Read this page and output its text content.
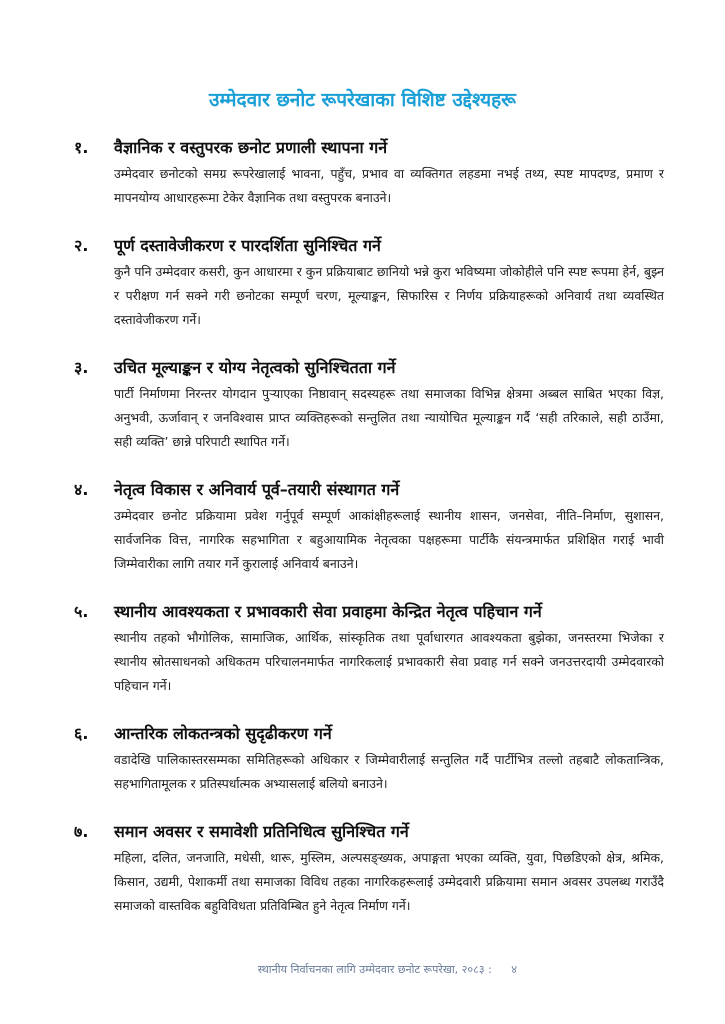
उम्मेदवार छनोट रूपरेखाका विशिष्ट उद्देश्यहरू
१.	वैज्ञानिक र वस्तुपरक छनोट प्रणाली स्थापना गर्ने

उम्मेदवार छनोटको समग्र रूपरेखालाई भावना, पहुँच, प्रभाव वा व्यक्तिगत लहडमा नभई तथ्य, स्पष्ट मापदण्ड, प्रमाण र मापनयोग्य आधारहरूमा टेकेर वैज्ञानिक तथा वस्तुपरक बनाउने।

२.	पूर्ण दस्तावेजीकरण र पारदर्शिता सुनिश्चित गर्ने

कुनै पनि उम्मेदवार कसरी, कुन आधारमा र कुन प्रक्रियाबाट छानियो भन्ने कुरा भविष्यमा जोकोहीले पनि स्पष्ट रूपमा हेर्न, बुझ्न र परीक्षण गर्न सक्ने गरी छनोटका सम्पूर्ण चरण, मूल्याङ्कन, सिफारिस र निर्णय प्रक्रियाहरूको अनिवार्य तथा व्यवस्थित दस्तावेजीकरण गर्ने।

३.	उचित मूल्याङ्कन र योग्य नेतृत्वको सुनिश्चितता गर्ने

पार्टी निर्माणमा निरन्तर योगदान पुर्‍याएका निष्ठावान् सदस्यहरू तथा समाजका विभिन्न क्षेत्रमा अब्बल साबित भएका विज्ञ, अनुभवी, ऊर्जावान् र जनविश्वास प्राप्त व्यक्तिहरूको सन्तुलित तथा न्यायोचित मूल्याङ्कन गर्दै ‘सही तरिकाले, सही ठाउँमा, सही व्यक्ति’ छान्ने परिपाटी स्थापित गर्ने।

४.	नेतृत्व विकास र अनिवार्य पूर्व–तयारी संस्थागत गर्ने

उम्मेदवार छनोट प्रक्रियामा प्रवेश गर्नुपूर्व सम्पूर्ण आकांक्षीहरूलाई स्थानीय शासन, जनसेवा, नीति–निर्माण, सुशासन, सार्वजनिक वित्त, नागरिक सहभागिता र बहुआयामिक नेतृत्वका पक्षहरूमा पार्टीकै संयन्त्रमार्फत प्रशिक्षित गराई भावी जिम्मेवारीका लागि तयार गर्ने कुरालाई अनिवार्य बनाउने।

५.	स्थानीय आवश्यकता र प्रभावकारी सेवा प्रवाहमा केन्द्रित नेतृत्व पहिचान गर्ने

स्थानीय तहको भौगोलिक, सामाजिक, आर्थिक, सांस्कृतिक तथा पूर्वाधारगत आवश्यकता बुझेका, जनस्तरमा भिजेका र स्थानीय स्रोतसाधनको अधिकतम परिचालनमार्फत नागरिकलाई प्रभावकारी सेवा प्रवाह गर्न सक्ने जनउत्तरदायी उम्मेदवारको पहिचान गर्ने।

६.	आन्तरिक लोकतन्त्रको सुदृढीकरण गर्ने

वडादेखि पालिकास्तरसम्मका समितिहरूको अधिकार र जिम्मेवारीलाई सन्तुलित गर्दै पार्टीभित्र तल्लो तहबाटै लोकतान्त्रिक, सहभागितामूलक र प्रतिस्पर्धात्मक अभ्यासलाई बलियो बनाउने।

७.	समान अवसर र समावेशी प्रतिनिधित्व सुनिश्चित गर्ने

महिला, दलित, जनजाति, मधेसी, थारू, मुस्लिम, अल्पसङ्ख्यक, अपाङ्गता भएका व्यक्ति, युवा, पिछडिएको क्षेत्र, श्रमिक, किसान, उद्यमी, पेशाकर्मी तथा समाजका विविध तहका नागरिकहरूलाई उम्मेदवारी प्रक्रियामा समान अवसर उपलब्ध गराउँदै समाजको वास्तविक बहुविविधता प्रतिविम्बित हुने नेतृत्व निर्माण गर्ने।

स्थानीय निर्वाचनका लागि उम्मेदवार छनोट रूपरेखा, २०८३ : ४
